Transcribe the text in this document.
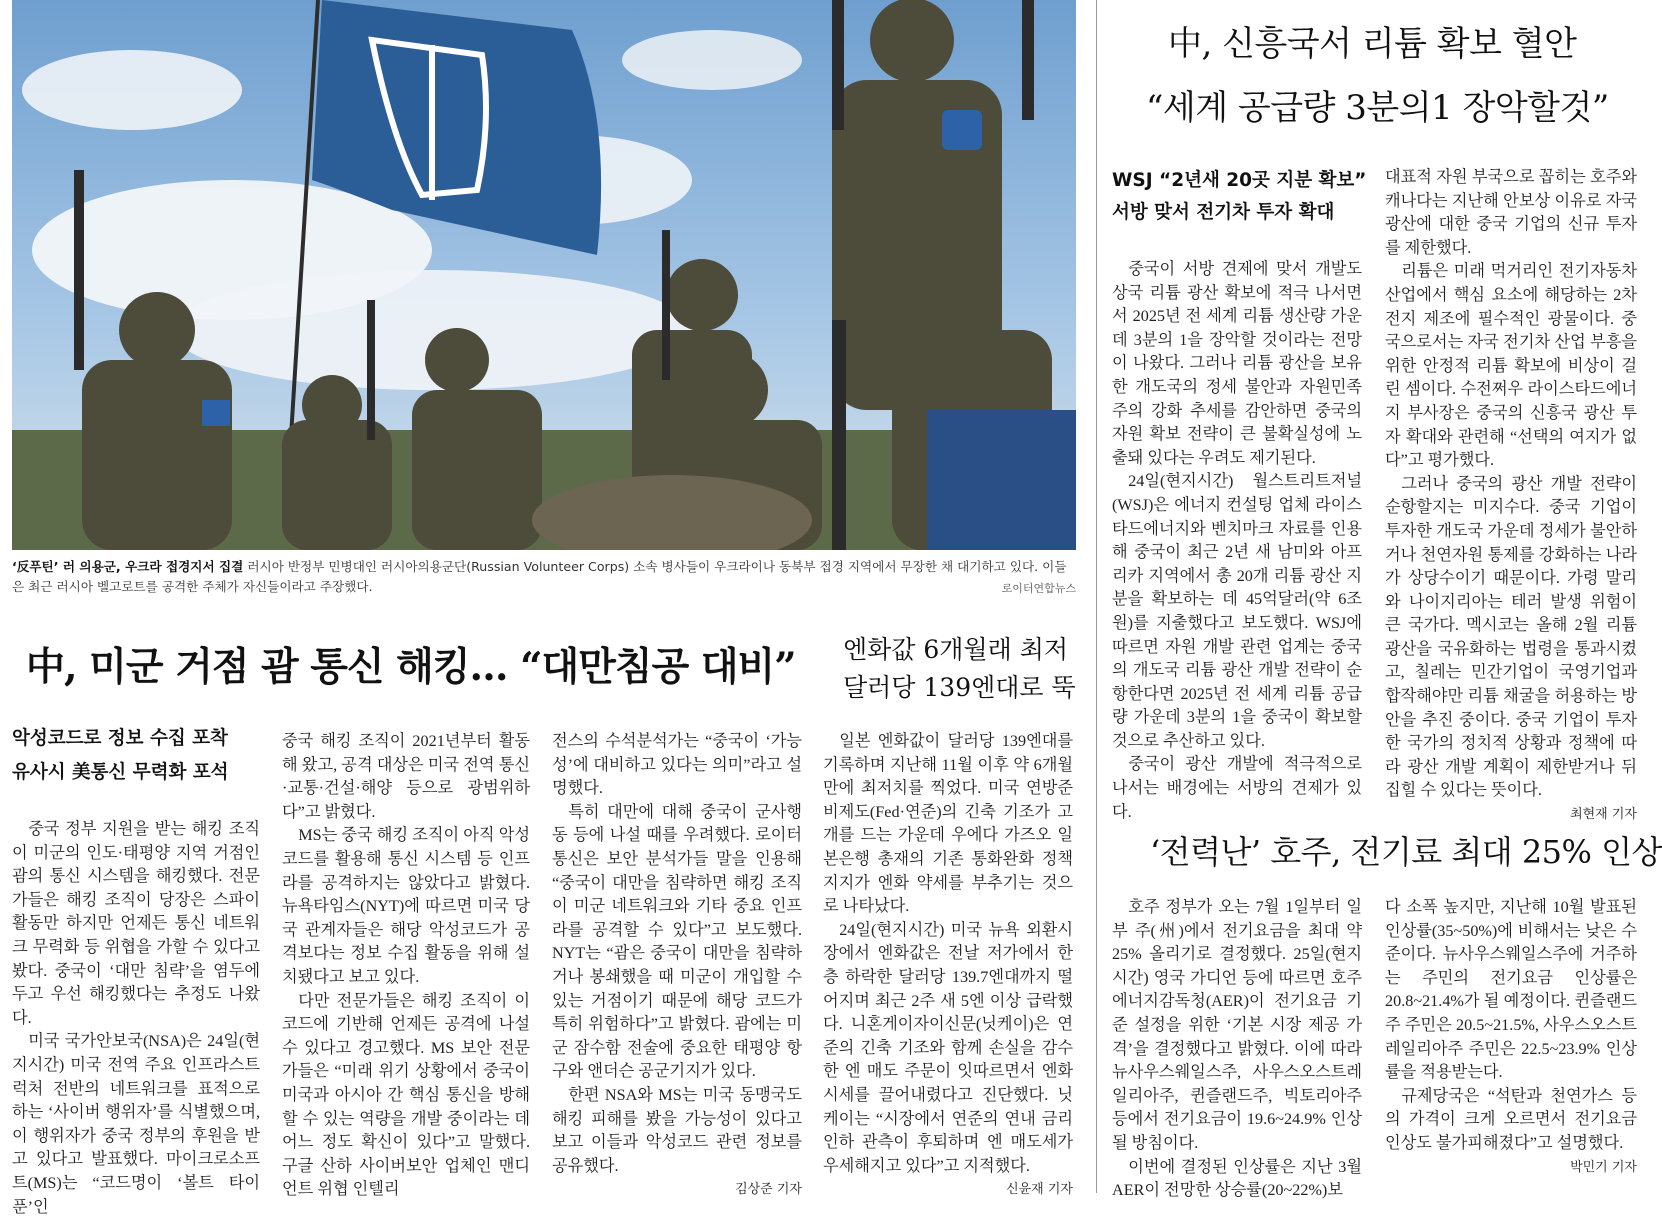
‘反푸틴’ 러 의용군, 우크라 접경지서 집결 러시아 반정부 민병대인 러시아의용군단(Russian Volunteer Corps) 소속 병사들이 우크라이나 동북부 접경 지역에서 무장한 채 대기하고 있다. 이들은 최근 러시아 벨고로트를 공격한 주체가 자신들이라고 주장했다.	로이터연합뉴스
中, 미군 거점 괌 통신 해킹… “대만침공 대비”
악성코드로 정보 수집 포착
유사시 美통신 무력화 포석

중국 정부 지원을 받는 해킹 조직이 미군의 인도·태평양 지역 거점인 괌의 통신 시스템을 해킹했다. 전문가들은 해킹 조직이 당장은 스파이 활동만 하지만 언제든 통신 네트워크 무력화 등 위협을 가할 수 있다고 봤다. 중국이 ‘대만 침략’을 염두에 두고 우선 해킹했다는 추정도 나왔다.

미국 국가안보국(NSA)은 24일(현지시간) 미국 전역 주요 인프라스트럭처 전반의 네트워크를 표적으로 하는 ‘사이버 행위자’를 식별했으며, 이 행위자가 중국 정부의 후원을 받고 있다고 발표했다. 마이크로소프트(MS)는 “코드명이 ‘볼트 타이푼’인

중국 해킹 조직이 2021년부터 활동해 왔고, 공격 대상은 미국 전역 통신·교통·건설·해양 등으로 광범위하다”고 밝혔다.

MS는 중국 해킹 조직이 아직 악성코드를 활용해 통신 시스템 등 인프라를 공격하지는 않았다고 밝혔다. 뉴욕타임스(NYT)에 따르면 미국 당국 관계자들은 해당 악성코드가 공격보다는 정보 수집 활동을 위해 설치됐다고 보고 있다.

다만 전문가들은 해킹 조직이 이 코드에 기반해 언제든 공격에 나설 수 있다고 경고했다. MS 보안 전문가들은 “미래 위기 상황에서 중국이 미국과 아시아 간 핵심 통신을 방해할 수 있는 역량을 개발 중이라는 데 어느 정도 확신이 있다”고 말했다. 구글 산하 사이버보안 업체인 맨디언트 위협 인텔리

전스의 수석분석가는 “중국이 ‘가능성’에 대비하고 있다는 의미”라고 설명했다.

특히 대만에 대해 중국이 군사행동 등에 나설 때를 우려했다. 로이터통신은 보안 분석가들 말을 인용해 “중국이 대만을 침략하면 해킹 조직이 미군 네트워크와 기타 중요 인프라를 공격할 수 있다”고 보도했다. NYT는 “괌은 중국이 대만을 침략하거나 봉쇄했을 때 미군이 개입할 수 있는 거점이기 때문에 해당 코드가 특히 위험하다”고 밝혔다. 괌에는 미군 잠수함 전술에 중요한 태평양 항구와 앤더슨 공군기지가 있다.

한편 NSA와 MS는 미국 동맹국도 해킹 피해를 봤을 가능성이 있다고 보고 이들과 악성코드 관련 정보를 공유했다.

김상준 기자
엔화값 6개월래 최저
달러당 139엔대로 뚝

일본 엔화값이 달러당 139엔대를 기록하며 지난해 11월 이후 약 6개월 만에 최저치를 찍었다. 미국 연방준비제도(Fed·연준)의 긴축 기조가 고개를 드는 가운데 우에다 가즈오 일본은행 총재의 기존 통화완화 정책 지지가 엔화 약세를 부추기는 것으로 나타났다.

24일(현지시간) 미국 뉴욕 외환시장에서 엔화값은 전날 저가에서 한층 하락한 달러당 139.7엔대까지 떨어지며 최근 2주 새 5엔 이상 급락했다. 니혼게이자이신문(닛케이)은 연준의 긴축 기조와 함께 손실을 감수한 엔 매도 주문이 잇따르면서 엔화 시세를 끌어내렸다고 진단했다. 닛케이는 “시장에서 연준의 연내 금리 인하 관측이 후퇴하며 엔 매도세가 우세해지고 있다”고 지적했다.

신윤재 기자
中, 신흥국서 리튬 확보 혈안
“세계 공급량 3분의1 장악할것”
WSJ “2년새 20곳 지분 확보”
서방 맞서 전기차 투자 확대

중국이 서방 견제에 맞서 개발도상국 리튬 광산 확보에 적극 나서면서 2025년 전 세계 리튬 생산량 가운데 3분의 1을 장악할 것이라는 전망이 나왔다. 그러나 리튬 광산을 보유한 개도국의 정세 불안과 자원민족주의 강화 추세를 감안하면 중국의 자원 확보 전략이 큰 불확실성에 노출돼 있다는 우려도 제기된다.

24일(현지시간) 월스트리트저널(WSJ)은 에너지 컨설팅 업체 라이스타드에너지와 벤치마크 자료를 인용해 중국이 최근 2년 새 남미와 아프리카 지역에서 총 20개 리튬 광산 지분을 확보하는 데 45억달러(약 6조원)를 지출했다고 보도했다. WSJ에 따르면 자원 개발 관련 업계는 중국의 개도국 리튬 광산 개발 전략이 순항한다면 2025년 전 세계 리튬 공급량 가운데 3분의 1을 중국이 확보할 것으로 추산하고 있다.

중국이 광산 개발에 적극적으로 나서는 배경에는 서방의 견제가 있다.

대표적 자원 부국으로 꼽히는 호주와 캐나다는 지난해 안보상 이유로 자국 광산에 대한 중국 기업의 신규 투자를 제한했다.

리튬은 미래 먹거리인 전기자동차 산업에서 핵심 요소에 해당하는 2차전지 제조에 필수적인 광물이다. 중국으로서는 자국 전기차 산업 부흥을 위한 안정적 리튬 확보에 비상이 걸린 셈이다. 수전쩌우 라이스타드에너지 부사장은 중국의 신흥국 광산 투자 확대와 관련해 “선택의 여지가 없다”고 평가했다.

그러나 중국의 광산 개발 전략이 순항할지는 미지수다. 중국 기업이 투자한 개도국 가운데 정세가 불안하거나 천연자원 통제를 강화하는 나라가 상당수이기 때문이다. 가령 말리와 나이지리아는 테러 발생 위험이 큰 국가다. 멕시코는 올해 2월 리튬 광산을 국유화하는 법령을 통과시켰고, 칠레는 민간기업이 국영기업과 합작해야만 리튬 채굴을 허용하는 방안을 추진 중이다. 중국 기업이 투자한 국가의 정치적 상황과 정책에 따라 광산 개발 계획이 제한받거나 뒤집힐 수 있다는 뜻이다.

최현재 기자
‘전력난’ 호주, 전기료 최대 25% 인상

호주 정부가 오는 7월 1일부터 일부 주(州)에서 전기요금을 최대 약 25% 올리기로 결정했다. 25일(현지시간) 영국 가디언 등에 따르면 호주에너지감독청(AER)이 전기요금 기준 설정을 위한 ‘기본 시장 제공 가격’을 결정했다고 밝혔다. 이에 따라 뉴사우스웨일스주, 사우스오스트레일리아주, 퀸즐랜드주, 빅토리아주 등에서 전기요금이 19.6~24.9% 인상될 방침이다.

이번에 결정된 인상률은 지난 3월 AER이 전망한 상승률(20~22%)보

다 소폭 높지만, 지난해 10월 발표된 인상률(35~50%)에 비해서는 낮은 수준이다. 뉴사우스웨일스주에 거주하는 주민의 전기요금 인상률은 20.8~21.4%가 될 예정이다. 퀸즐랜드주 주민은 20.5~21.5%, 사우스오스트레일리아주 주민은 22.5~23.9% 인상률을 적용받는다.

규제당국은 “석탄과 천연가스 등의 가격이 크게 오르면서 전기요금 인상도 불가피해졌다”고 설명했다.

박민기 기자
